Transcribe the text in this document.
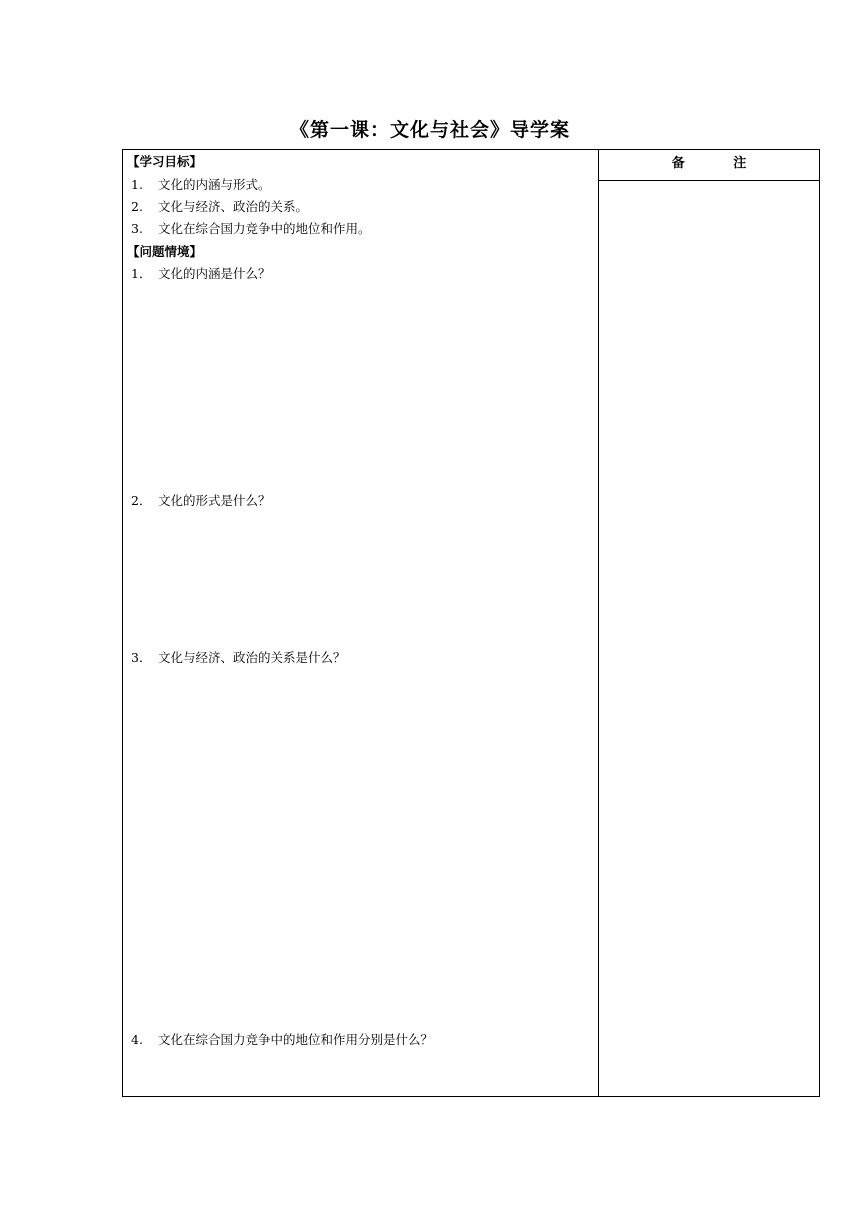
《第一课：文化与社会》导学案
备 注
【学习目标】
1. 文化的内涵与形式。
2. 文化与经济、政治的关系。
3. 文化在综合国力竞争中的地位和作用。
【问题情境】
1． 文化的内涵是什么？
2． 文化的形式是什么？
3． 文化与经济、政治的关系是什么？
4. 文化在综合国力竞争中的地位和作用分别是什么？
